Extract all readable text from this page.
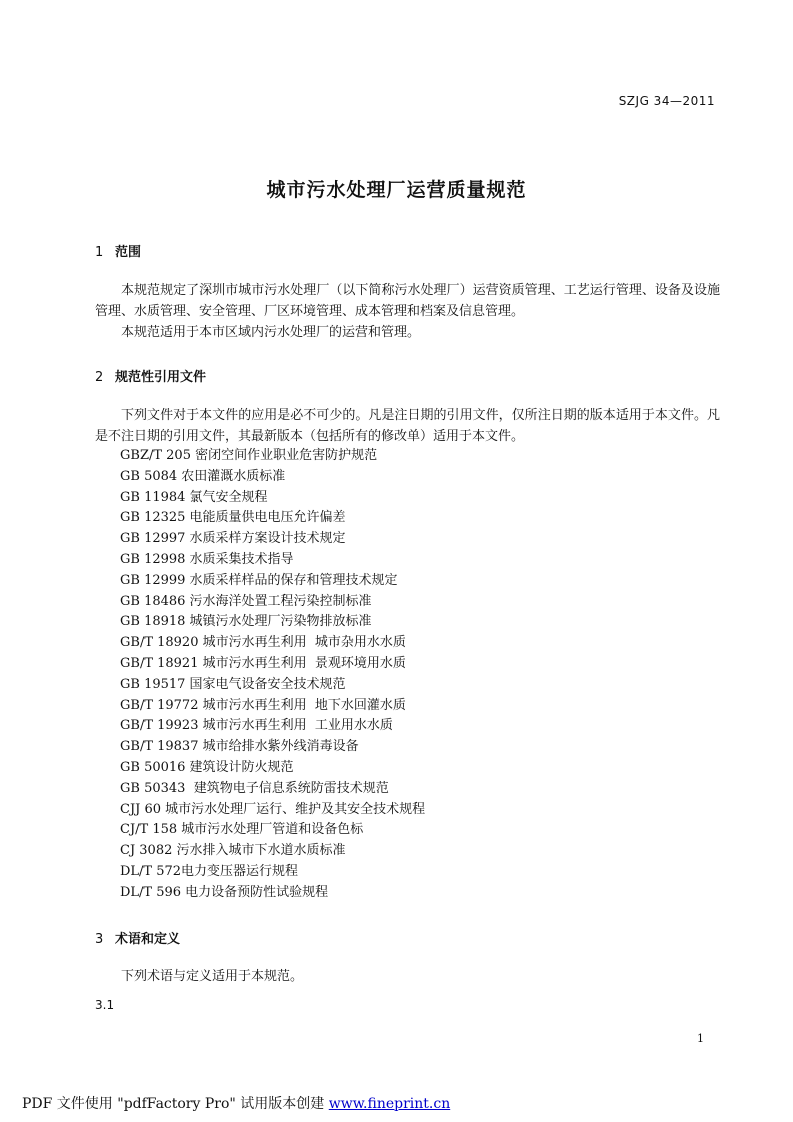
SZJG 34—2011
城市污水处理厂运营质量规范
1 范围

本规范规定了深圳市城市污水处理厂（以下简称污水处理厂）运营资质管理、工艺运行管理、设备及设施管理、水质管理、安全管理、厂区环境管理、成本管理和档案及信息管理。

本规范适用于本市区域内污水处理厂的运营和管理。

2 规范性引用文件

下列文件对于本文件的应用是必不可少的。凡是注日期的引用文件，仅所注日期的版本适用于本文件。凡是不注日期的引用文件，其最新版本（包括所有的修改单）适用于本文件。

GBZ/T 205 密闭空间作业职业危害防护规范
GB 5084 农田灌溉水质标准
GB 11984 氯气安全规程
GB 12325 电能质量供电电压允许偏差
GB 12997 水质采样方案设计技术规定
GB 12998 水质采集技术指导
GB 12999 水质采样样品的保存和管理技术规定
GB 18486 污水海洋处置工程污染控制标准
GB 18918 城镇污水处理厂污染物排放标准
GB/T 18920 城市污水再生利用  城市杂用水水质
GB/T 18921 城市污水再生利用  景观环境用水质
GB 19517 国家电气设备安全技术规范
GB/T 19772 城市污水再生利用  地下水回灌水质
GB/T 19923 城市污水再生利用  工业用水水质
GB/T 19837 城市给排水紫外线消毒设备
GB 50016 建筑设计防火规范
GB 50343  建筑物电子信息系统防雷技术规范
CJJ 60 城市污水处理厂运行、维护及其安全技术规程
CJ/T 158 城市污水处理厂管道和设备色标
CJ 3082 污水排入城市下水道水质标准
DL/T 572电力变压器运行规程
DL/T 596 电力设备预防性试验规程
3 术语和定义

下列术语与定义适用于本规范。

3.1
1
PDF 文件使用 "pdfFactory Pro" 试用版本创建 www.fineprint.cn
